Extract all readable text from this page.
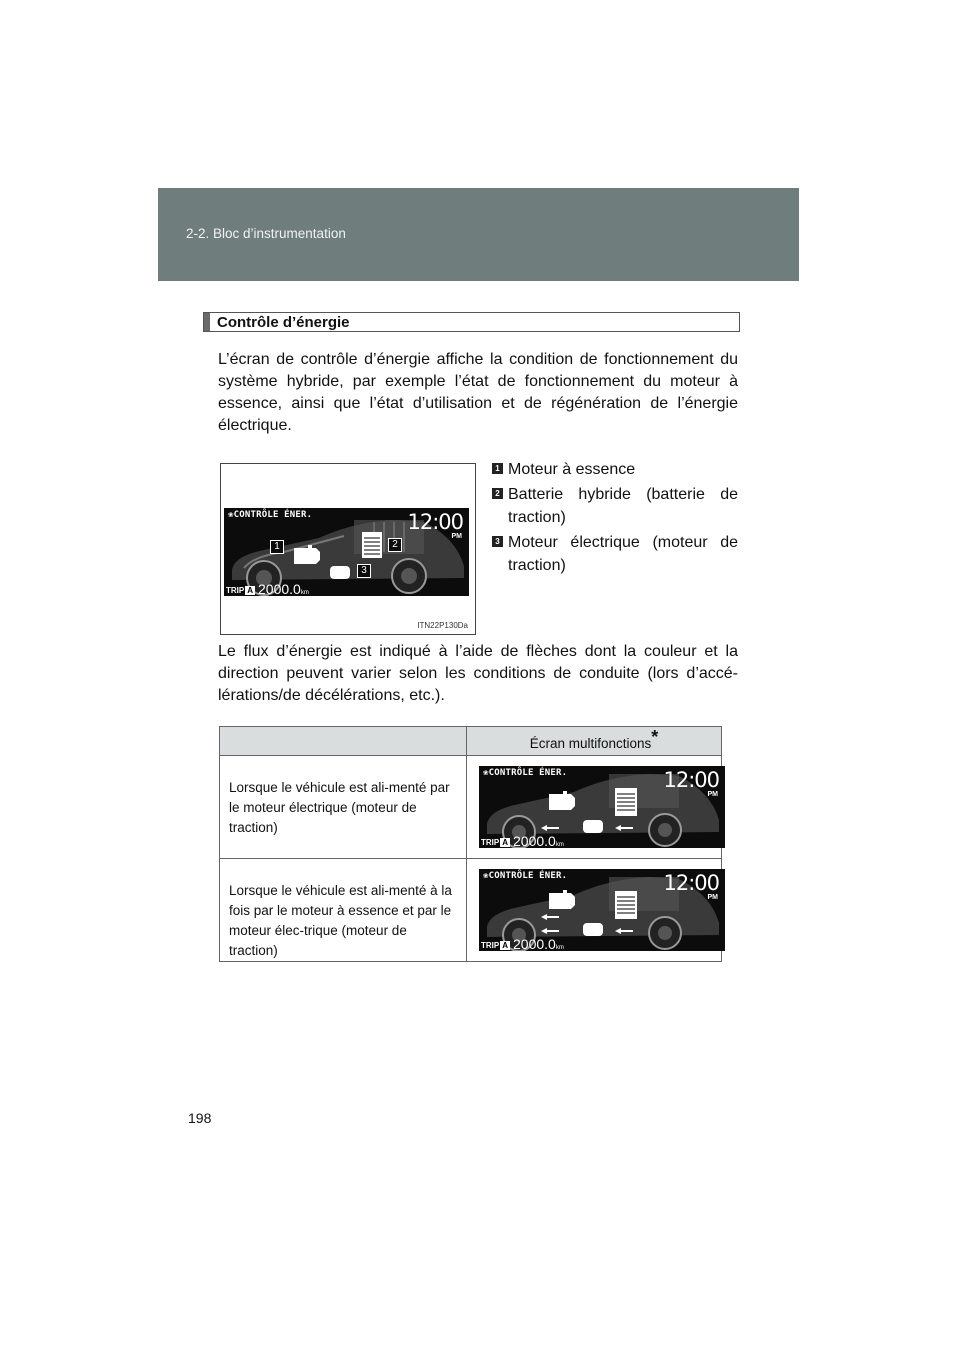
2-2. Bloc d’instrumentation
Contrôle d’énergie
L’écran de contrôle d’énergie affiche la condition de fonctionnement du système hybride, par exemple l’état de fonctionnement du moteur à essence, ainsi que l’état d’utilisation et de régénération de l’énergie électrique.
❀CONTRÔLE ÉNER.	12:00
PM
TRIP A 2000.0km
1	2
3
ITN22P130Da
1 Moteur à essence
2 Batterie hybride (batterie de traction)
3 Moteur électrique (moteur de traction)
Le flux d’énergie est indiqué à l’aide de flèches dont la couleur et la direction peuvent varier selon les conditions de conduite (lors d’accé-lérations/de décélérations, etc.).
	Écran multifonctions*
Lorsque le véhicule est ali-menté par le moteur électrique (moteur de traction)	❀CONTRÔLE ÉNER. 12:00
PM
TRIP A 2000.0km

Lorsque le véhicule est ali-menté à la fois par le moteur à essence et par le moteur élec-trique (moteur de traction)	❀CONTRÔLE ÉNER. 12:00
PM
TRIP A 2000.0km
198
